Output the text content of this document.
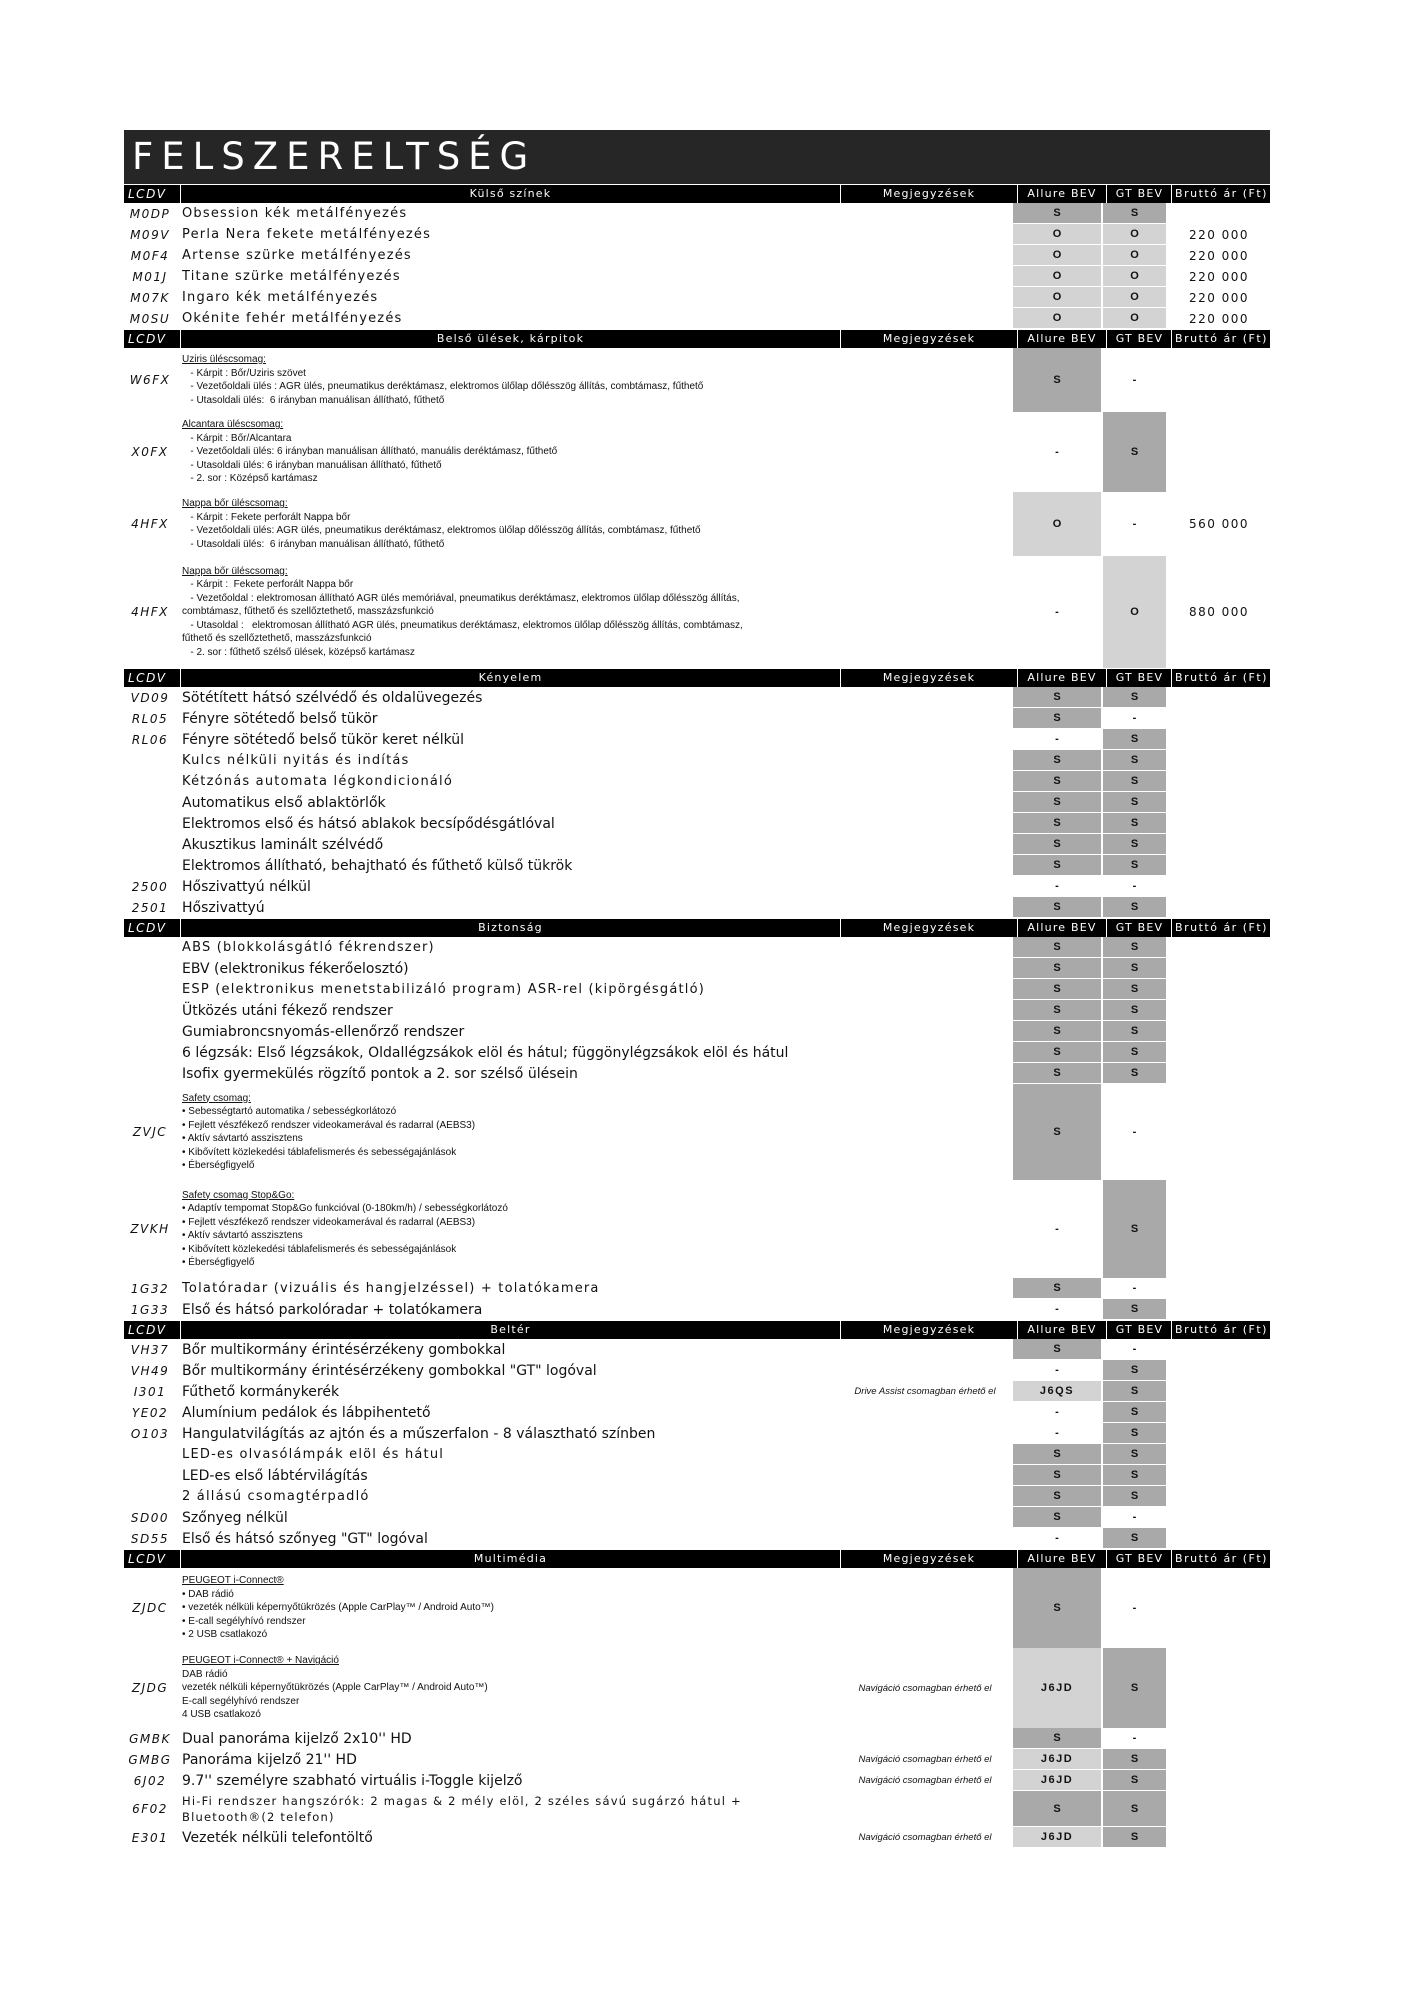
FELSZERELTSÉG
LCDV	Külső színek	Megjegyzések	Allure BEV	GT BEV	Bruttó ár (Ft)
M0DP Obsession kék metálfényezés	S	S
M09V Perla Nera fekete metálfényezés	O	O	220 000
M0F4 Artense szürke metálfényezés	O	O	220 000
M01J	Titane szürke metálfényezés	O	O	220 000
M07K Ingaro kék metálfényezés	O	O	220 000
M0SU Okénite fehér metálfényezés	O	O	220 000
LCDV	Belső ülések, kárpitok	Megjegyzések	Allure BEV	GT BEV	Bruttó ár (Ft)
W6FX
Uziris üléscsomag:
- Kárpit : Bőr/Uziris szövet
- Vezetőoldali ülés : AGR ülés, pneumatikus deréktámasz, elektromos ülőlap dőlésszög állítás, combtámasz, fűthető
- Utasoldali ülés:  6 irányban manuálisan állítható, fűthető
S	-
X0FX
Alcantara üléscsomag:
- Kárpit : Bőr/Alcantara
- Vezetőoldali ülés: 6 irányban manuálisan állítható, manuális deréktámasz, fűthető
- Utasoldali ülés: 6 irányban manuálisan állítható, fűthető
- 2. sor : Középső kartámasz
-	S
4HFX
Nappa bőr üléscsomag:
- Kárpit : Fekete perforált Nappa bőr
- Vezetőoldali ülés: AGR ülés, pneumatikus deréktámasz, elektromos ülőlap dőlésszög állítás, combtámasz, fűthető
- Utasoldali ülés:  6 irányban manuálisan állítható, fűthető
O	-	560 000
4HFX
Nappa bőr üléscsomag:
- Kárpit :  Fekete perforált Nappa bőr
- Vezetőoldal : elektromosan állítható AGR ülés memóriával, pneumatikus deréktámasz, elektromos ülőlap dőlésszög állítás,
combtámasz, fűthető és szellőztethető, masszázsfunkció
- Utasoldal :   elektromosan állítható AGR ülés, pneumatikus deréktámasz, elektromos ülőlap dőlésszög állítás, combtámasz,
fűthető és szellőztethető, masszázsfunkció
- 2. sor : fűthető szélső ülések, középső kartámasz
-	O	880 000
LCDV	Kényelem	Megjegyzések	Allure BEV	GT BEV	Bruttó ár (Ft)
VD09 Sötétített hátsó szélvédő és oldalüvegezés	S	S
RL05 Fényre sötétedő belső tükör	S	-
RL06 Fényre sötétedő belső tükör keret nélkül	-	S
Kulcs nélküli nyitás és indítás	S	S
Kétzónás automata légkondicionáló	S	S
Automatikus első ablaktörlők	S	S
Elektromos első és hátsó ablakok becsípődésgátlóval	S	S
Akusztikus laminált szélvédő	S	S
Elektromos állítható, behajtható és fűthető külső tükrök	S	S
2500 Hőszivattyú nélkül	-	-
2501 Hőszivattyú	S	S
LCDV	Biztonság	Megjegyzések	Allure BEV	GT BEV	Bruttó ár (Ft)
ABS (blokkolásgátló fékrendszer)	S	S
EBV (elektronikus fékerőelosztó)	S	S
ESP (elektronikus menetstabilizáló program) ASR-rel (kipörgésgátló)	S	S
Ütközés utáni fékező rendszer	S	S
Gumiabroncsnyomás-ellenőrző rendszer	S	S
6 légzsák: Első légzsákok, Oldallégzsákok elöl és hátul; függönylégzsákok elöl és hátul	S	S
Isofix gyermekülés rögzítő pontok a 2. sor szélső ülésein	S	S
ZVJC
Safety csomag:
• Sebességtartó automatika / sebességkorlátozó
• Fejlett vészfékező rendszer videokamerával és radarral (AEBS3)
• Aktív sávtartó asszisztens
• Kibővített közlekedési táblafelismerés és sebességajánlások
• Éberségfigyelő
S	-
ZVKH
Safety csomag Stop&Go:
• Adaptív tempomat Stop&Go funkcióval (0-180km/h) / sebességkorlátozó
• Fejlett vészfékező rendszer videokamerával és radarral (AEBS3)
• Aktív sávtartó asszisztens
• Kibővített közlekedési táblafelismerés és sebességajánlások
• Éberségfigyelő
-	S
1G32 Tolatóradar (vizuális és hangjelzéssel) + tolatókamera	S	-
1G33 Első és hátsó parkolóradar + tolatókamera	-	S
LCDV	Beltér	Megjegyzések	Allure BEV	GT BEV	Bruttó ár (Ft)
VH37 Bőr multikormány érintésérzékeny gombokkal	S	-
VH49 Bőr multikormány érintésérzékeny gombokkal "GT" logóval	-	S
I301	Fűthető kormánykerék	Drive Assist csomagban érhető el	J6QS	S
YE02 Alumínium pedálok és lábpihentető	-	S
O103 Hangulatvilágítás az ajtón és a műszerfalon - 8 választható színben	-	S
LED-es olvasólámpák elöl és hátul	S	S
LED-es első lábtérvilágítás	S	S
2 állású csomagtérpadló	S	S
SD00 Szőnyeg nélkül	S	-
SD55 Első és hátsó szőnyeg "GT" logóval	-	S
LCDV	Multimédia	Megjegyzések	Allure BEV	GT BEV	Bruttó ár (Ft)
ZJDC
PEUGEOT i-Connect®
• DAB rádió
• vezeték nélküli képernyőtükrözés (Apple CarPlay™ / Android Auto™)
• E-call segélyhívó rendszer
• 2 USB csatlakozó
S	-
ZJDG
PEUGEOT i-Connect® + Navigáció
DAB rádió
vezeték nélküli képernyőtükrözés (Apple CarPlay™ / Android Auto™)
E-call segélyhívó rendszer
4 USB csatlakozó
Navigáció csomagban érhető el	J6JD	S
GMBK Dual panoráma kijelző 2x10'' HD	S	-
GMBG Panoráma kijelző 21'' HD	Navigáció csomagban érhető el	J6JD	S
6J02	9.7'' személyre szabható virtuális i-Toggle kijelző	Navigáció csomagban érhető el	J6JD	S
6F02
Hi-Fi rendszer hangszórók: 2 magas & 2 mély elöl, 2 széles sávú sugárzó hátul + Bluetooth®(2 telefon)
S	S
E301 Vezeték nélküli telefontöltő	Navigáció csomagban érhető el	J6JD	S
